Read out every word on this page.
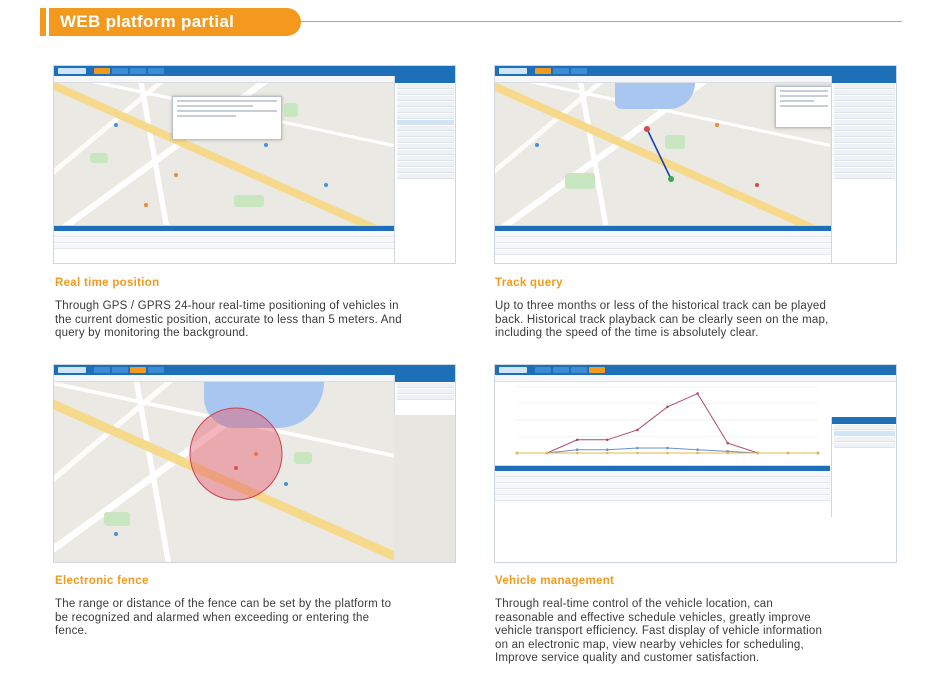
WEB platform partial preview
Real time position
Through GPS / GPRS 24-hour real-time positioning of vehicles in the current domestic position, accurate to less than 5 meters. And query by monitoring the background.
Track query
Up to three months or less of the historical track can be played back. Historical track playback can be clearly seen on the map, including the speed of the time is absolutely clear.
Electronic fence
The range or distance of the fence can be set by the platform to be recognized and alarmed when exceeding or entering the fence.
Vehicle management
Through real-time control of the vehicle location, can reasonable and effective schedule vehicles, greatly improve vehicle transport efficiency. Fast display of vehicle information on an electronic map, view nearby vehicles for scheduling, Improve service quality and customer satisfaction.
